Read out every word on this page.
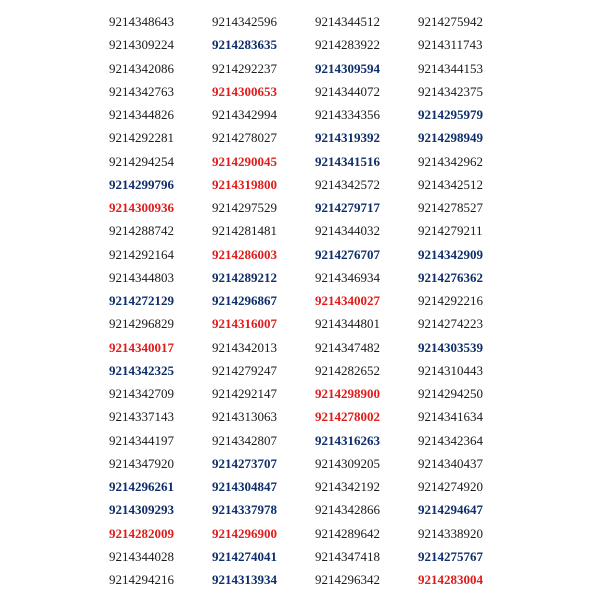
9214348643
9214309224
9214342086
9214342763
9214344826
9214292281
9214294254
9214299796
9214300936
9214288742
9214292164
9214344803
9214272129
9214296829
9214340017
9214342325
9214342709
9214337143
9214344197
9214347920
9214296261
9214309293
9214282009
9214344028
9214294216
9214342596
9214283635
9214292237
9214300653
9214342994
9214278027
9214290045
9214319800
9214297529
9214281481
9214286003
9214289212
9214296867
9214316007
9214342013
9214279247
9214292147
9214313063
9214342807
9214273707
9214304847
9214337978
9214296900
9214274041
9214313934
9214344512
9214283922
9214309594
9214344072
9214334356
9214319392
9214341516
9214342572
9214279717
9214344032
9214276707
9214346934
9214340027
9214344801
9214347482
9214282652
9214298900
9214278002
9214316263
9214309205
9214342192
9214342866
9214289642
9214347418
9214296342
9214275942
9214311743
9214344153
9214342375
9214295979
9214298949
9214342962
9214342512
9214278527
9214279211
9214342909
9214276362
9214292216
9214274223
9214303539
9214310443
9214294250
9214341634
9214342364
9214340437
9214274920
9214294647
9214338920
9214275767
9214283004
